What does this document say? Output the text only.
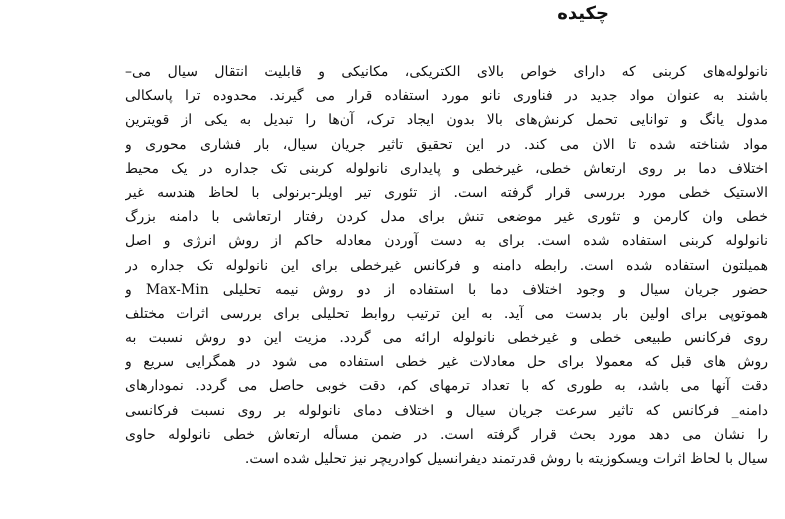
چکیده
نانولوله‌های کربنی که دارای خواص بالای الکتریکی، مکانیکی و قابلیت انتقال سیال می–
باشند به عنوان مواد جدید در فناوری نانو مورد استفاده قرار می گیرند. محدوده ترا پاسکالی
مدول یانگ و توانایی تحمل کرنش‌های بالا بدون ایجاد ترک، آن‌ها را تبدیل به یکی از قویترین
مواد شناخته شده تا الان می کند. در این تحقیق تاثیر جریان سیال، بار فشاری محوری و
اختلاف دما بر روی ارتعاش خطی، غیرخطی و پایداری نانولوله کربنی تک جداره در یک محیط
الاستیک خطی مورد بررسی قرار گرفته است. از تئوری تیر اویلر-برنولی با لحاظ هندسه غیر
خطی وان کارمن و تئوری غیر موضعی تنش برای مدل کردن رفتار ارتعاشی با دامنه بزرگ
نانولوله کربنی استفاده شده است. برای به دست آوردن معادله حاکم از روش انرژی و اصل
همیلتون استفاده شده است. رابطه دامنه و فرکانس غیرخطی برای این نانولوله تک جداره در
حضور جریان سیال و وجود اختلاف دما با استفاده از دو روش نیمه تحلیلی Max-Min و
هموتوپی برای اولین بار بدست می آید. به این ترتیب روابط تحلیلی برای بررسی اثرات مختلف
روی فرکانس طبیعی خطی و غیرخطی نانولوله ارائه می گردد. مزیت این دو روش نسبت به
روش های قبل که معمولا برای حل معادلات غیر خطی استفاده می شود در همگرایی سریع و
دقت آنها می باشد، به طوری که با تعداد ترمهای کم، دقت خوبی حاصل می گردد. نمودارهای
دامنه_ فرکانس که تاثیر سرعت جریان سیال و اختلاف دمای نانولوله بر روی نسبت فرکانسی
را نشان می دهد مورد بحث قرار گرفته است. در ضمن مسأله ارتعاش خطی نانولوله حاوی
سیال با لحاظ اثرات ویسکوزیته با روش قدرتمند دیفرانسیل کوادریچر نیز تحلیل شده است.
